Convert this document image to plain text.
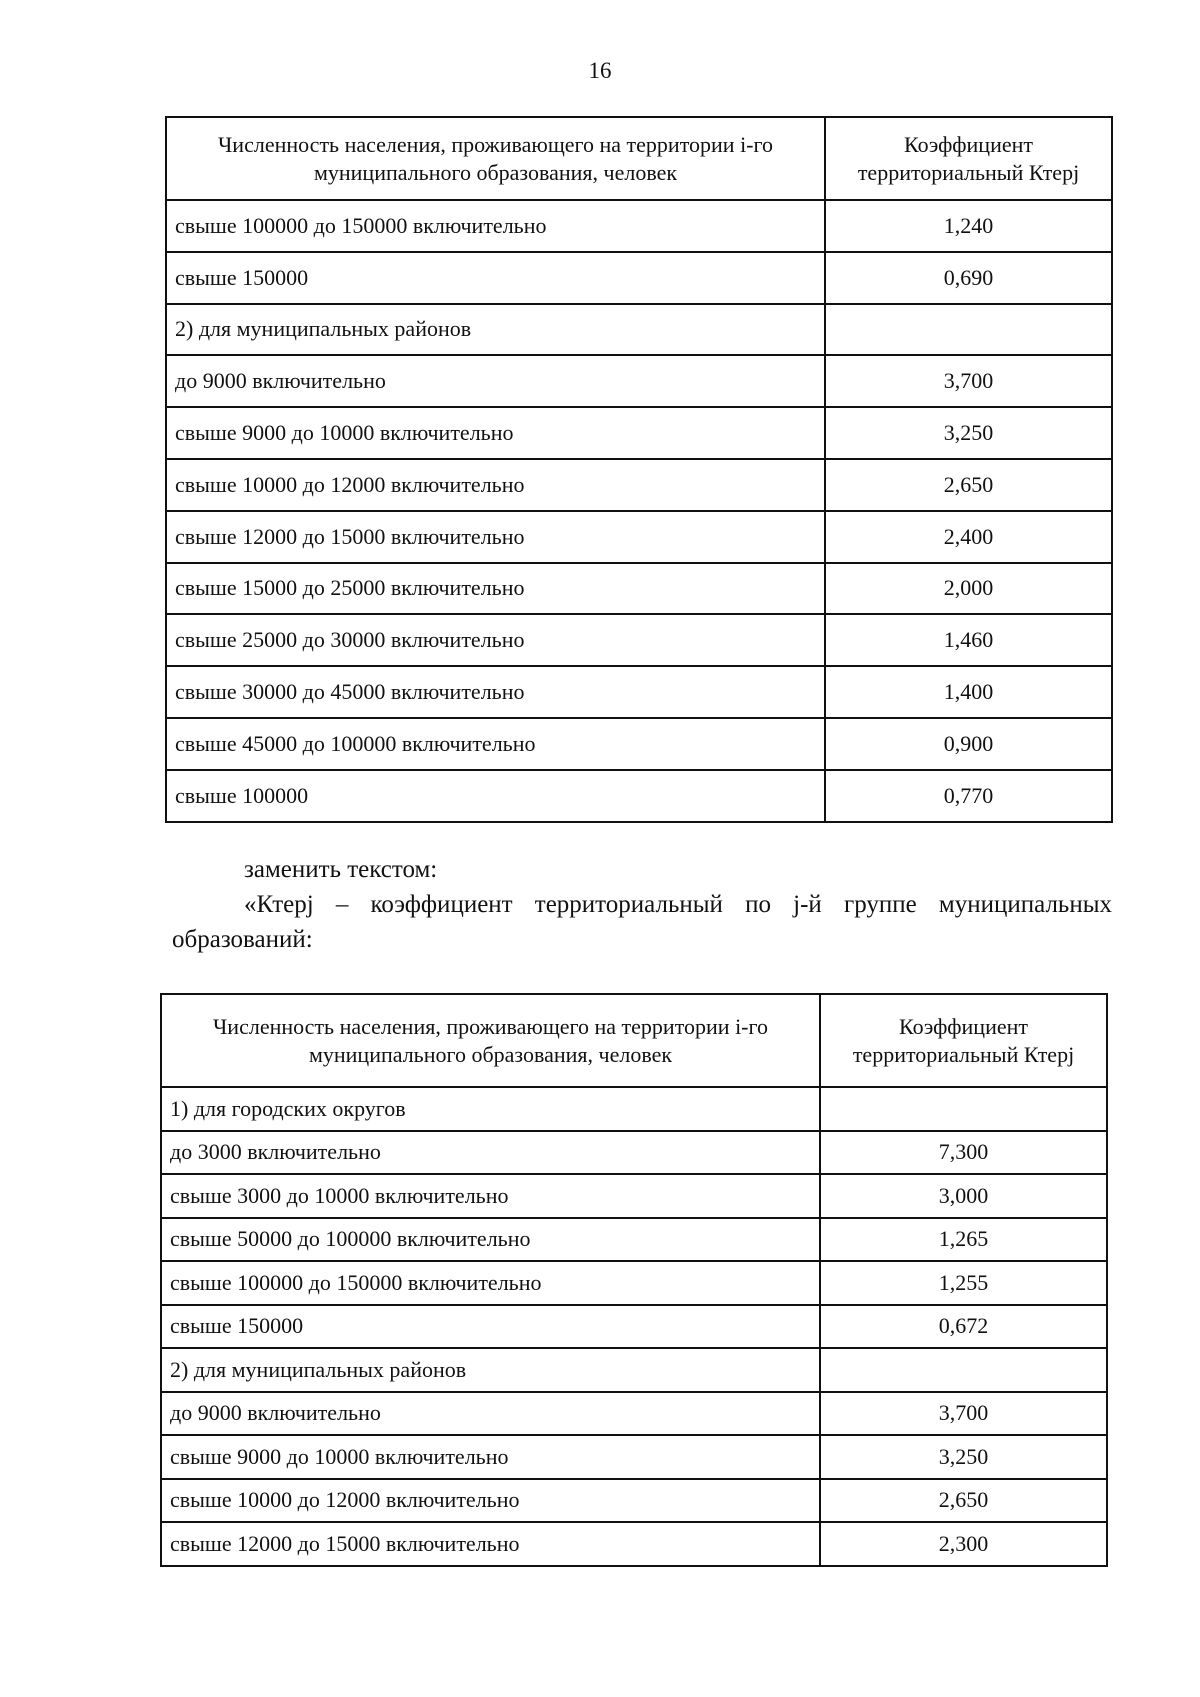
16
Численность населения, проживающего на территории i-го муниципального образования, человек	Коэффициент территориальный Ктерj
свыше 100000 до 150000 включительно	1,240
свыше 150000	0,690
2) для муниципальных районов	
до 9000 включительно	3,700
свыше 9000 до 10000 включительно	3,250
свыше 10000 до 12000 включительно	2,650
свыше 12000 до 15000 включительно	2,400
свыше 15000 до 25000 включительно	2,000
свыше 25000 до 30000 включительно	1,460
свыше 30000 до 45000 включительно	1,400
свыше 45000 до 100000 включительно	0,900
свыше 100000	0,770
заменить текстом:
«Ктерj – коэффициент территориальный по j-й группе муниципальных образований:
Численность населения, проживающего на территории i-го муниципального образования, человек	Коэффициент территориальный Ктерj
1) для городских округов	
до 3000 включительно	7,300
свыше 3000 до 10000 включительно	3,000
свыше 50000 до 100000 включительно	1,265
свыше 100000 до 150000 включительно	1,255
свыше 150000	0,672
2) для муниципальных районов	
до 9000 включительно	3,700
свыше 9000 до 10000 включительно	3,250
свыше 10000 до 12000 включительно	2,650
свыше 12000 до 15000 включительно	2,300
